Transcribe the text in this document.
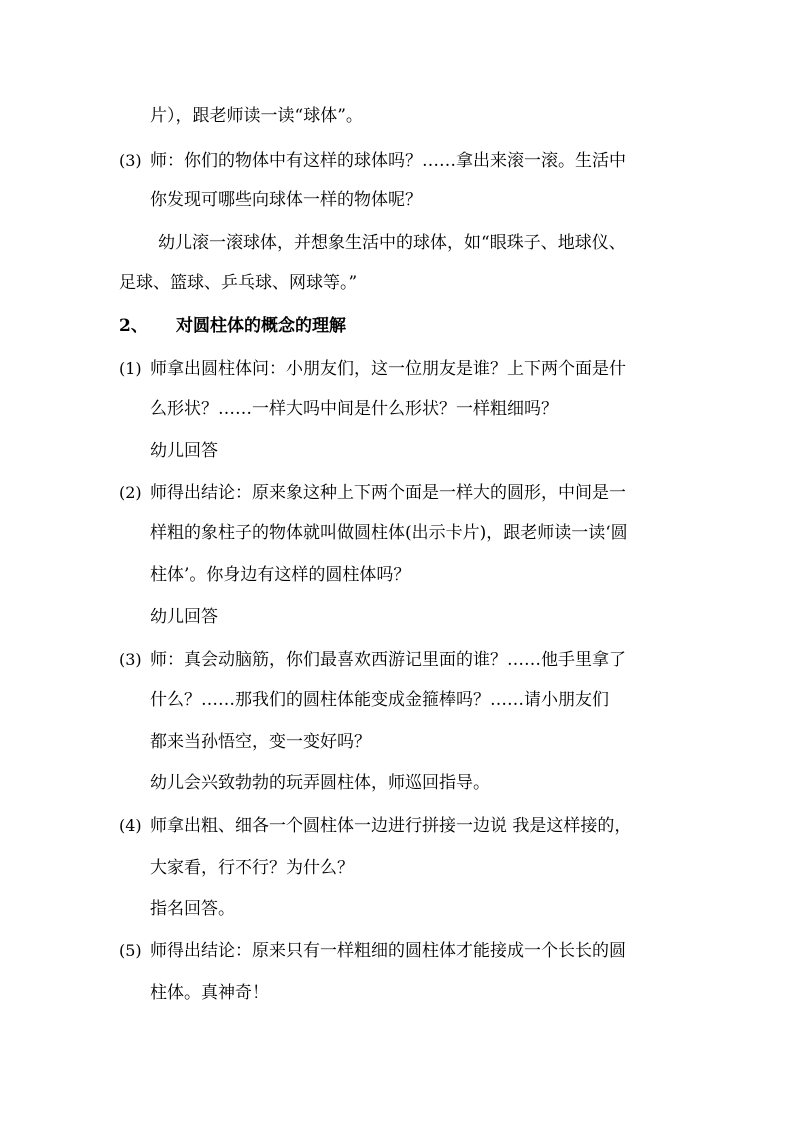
片），跟老师读一读“球体”。
(3) 师：你们的物体中有这样的球体吗？……拿出来滚一滚。生活中
你发现可哪些向球体一样的物体呢？
幼儿滚一滚球体，并想象生活中的球体，如“眼珠子、地球仪、
足球、篮球、乒乓球、网球等。”
2、 对圆柱体的概念的理解
(1) 师拿出圆柱体问：小朋友们，这一位朋友是谁？上下两个面是什
么形状？……一样大吗中间是什么形状？一样粗细吗？
幼儿回答
(2) 师得出结论：原来象这种上下两个面是一样大的圆形，中间是一
样粗的象柱子的物体就叫做圆柱体(出示卡片)，跟老师读一读‘圆
柱体’。你身边有这样的圆柱体吗？
幼儿回答
(3) 师：真会动脑筋，你们最喜欢西游记里面的谁？……他手里拿了
什么？……那我们的圆柱体能变成金箍棒吗？……请小朋友们
都来当孙悟空，变一变好吗？
幼儿会兴致勃勃的玩弄圆柱体，师巡回指导。
(4) 师拿出粗、细各一个圆柱体一边进行拼接一边说 我是这样接的，
大家看，行不行？为什么？
指名回答。
(5) 师得出结论：原来只有一样粗细的圆柱体才能接成一个长长的圆
柱体。真神奇！
